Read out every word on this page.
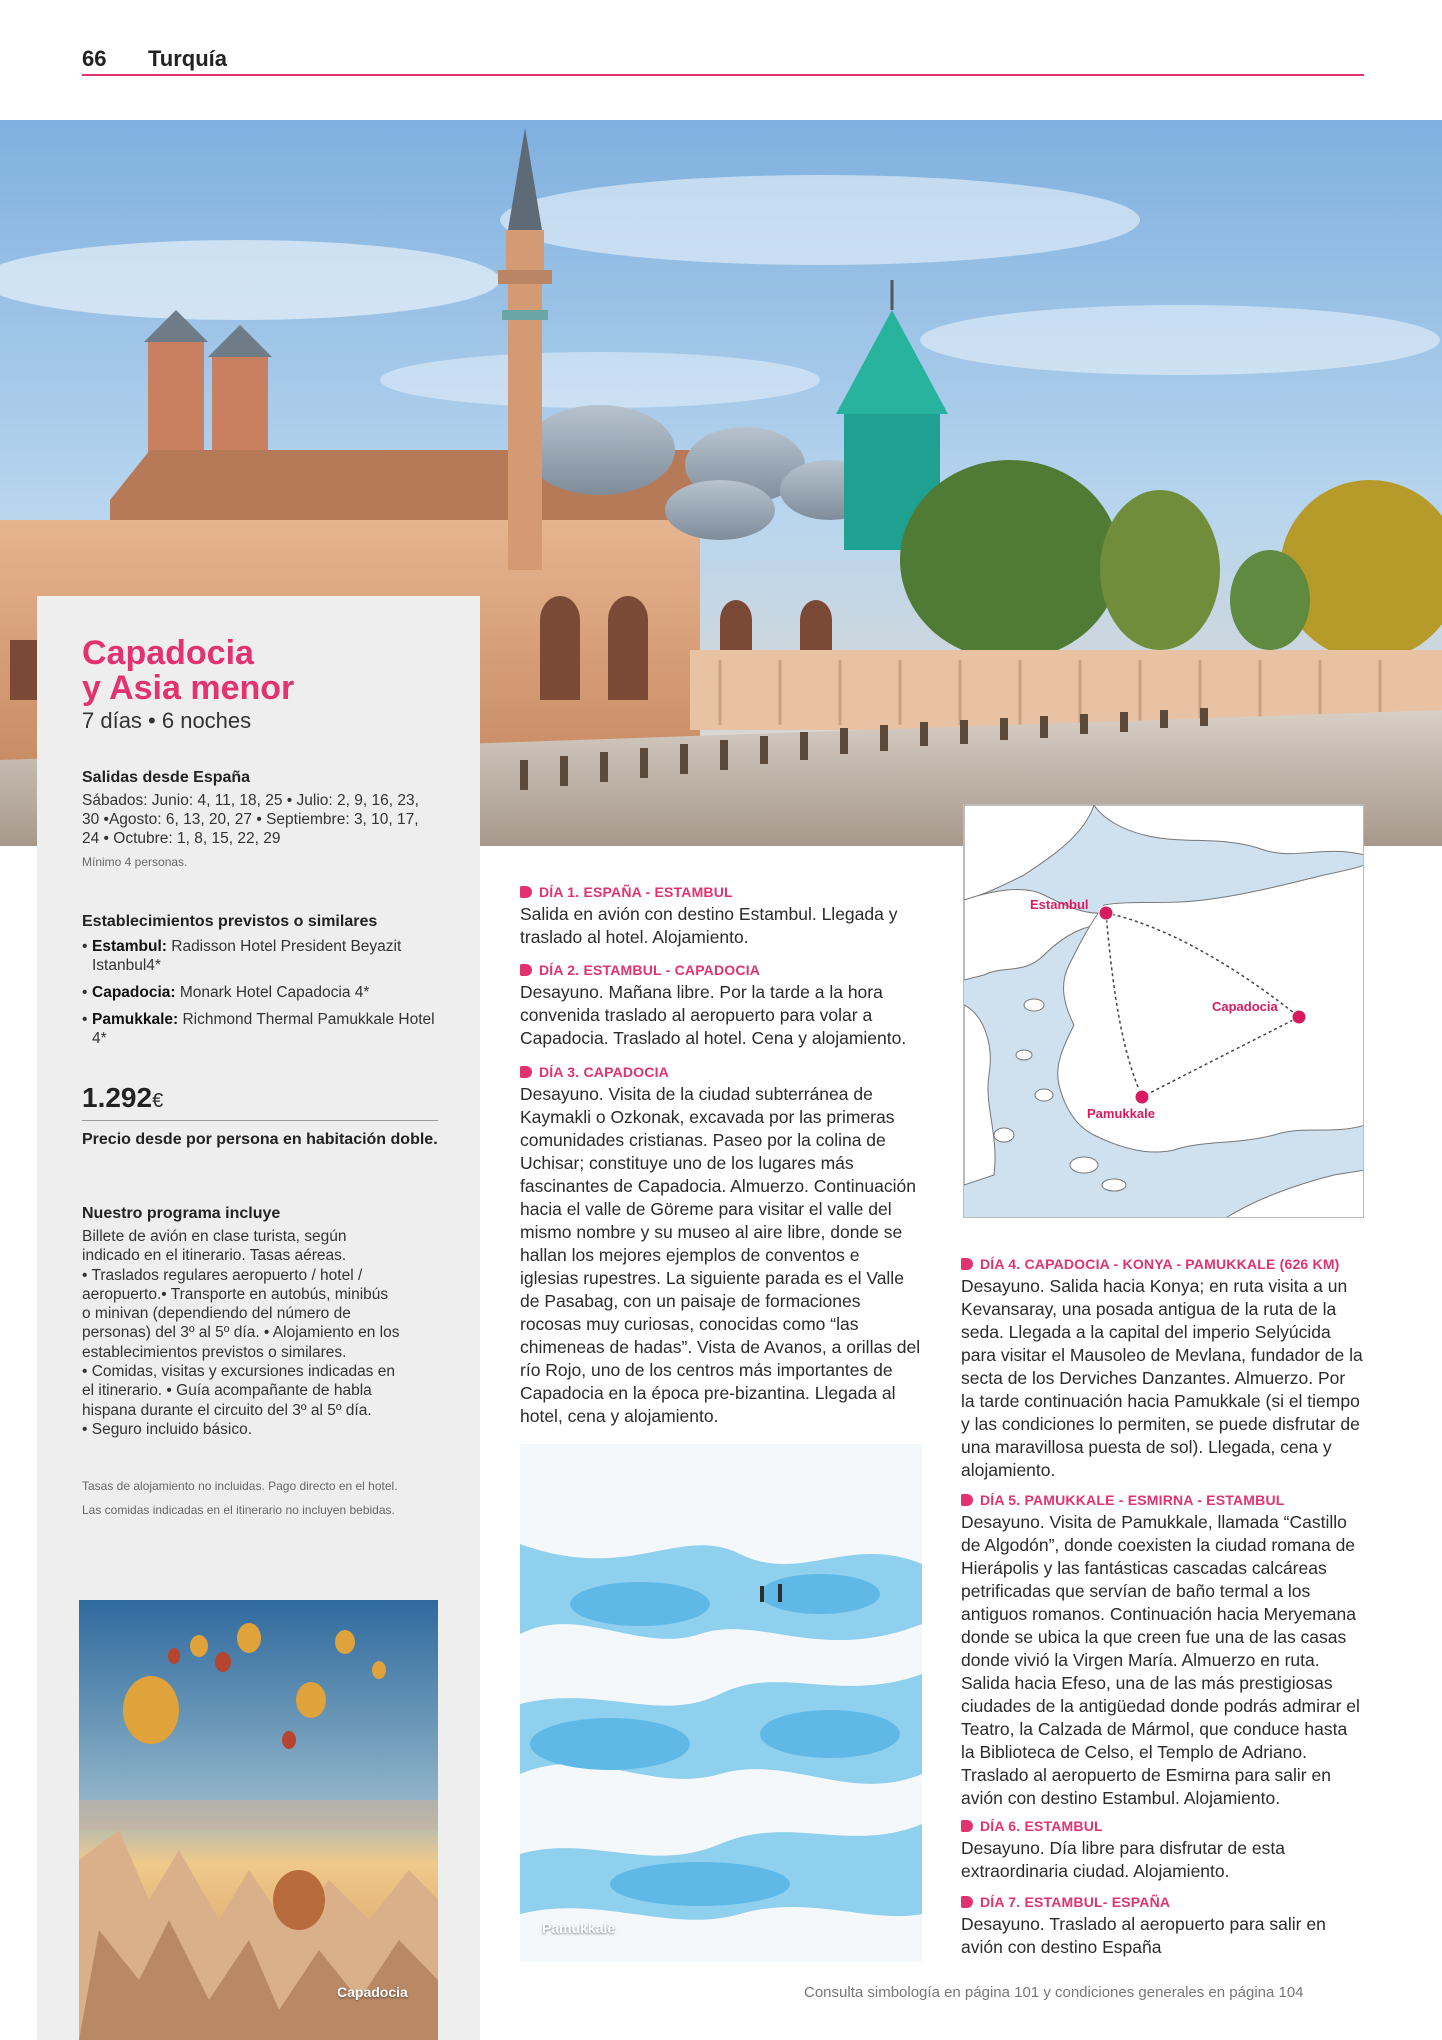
66 Turquía
Capadocia
y Asia menor
7 días • 6 noches
Salidas desde España
Sábados: Junio: 4, 11, 18, 25 • Julio: 2, 9, 16, 23,
30 •Agosto: 6, 13, 20, 27 • Septiembre: 3, 10, 17,
24 • Octubre: 1, 8, 15, 22, 29
Mínimo 4 personas.
Establecimientos previstos o similares
• Estambul: Radisson Hotel President Beyazit Istanbul4*
• Capadocia: Monark Hotel Capadocia 4*
• Pamukkale: Richmond Thermal Pamukkale Hotel 4*
1.292€
Precio desde por persona en habitación doble.
Nuestro programa incluye
Billete de avión en clase turista, según
indicado en el itinerario. Tasas aéreas.
• Traslados regulares aeropuerto / hotel /
aeropuerto.• Transporte en autobús, minibús
o minivan (dependiendo del número de
personas) del 3º al 5º día. • Alojamiento en los
establecimientos previstos o similares.
• Comidas, visitas y excursiones indicadas en
el itinerario. • Guía acompañante de habla
hispana durante el circuito del 3º al 5º día.
• Seguro incluido básico.
Tasas de alojamiento no incluidas. Pago directo en el hotel.
Las comidas indicadas en el itinerario no incluyen bebidas.
Capadocia
Pamukkale
DÍA 1. ESPAÑA - ESTAMBUL
Salida en avión con destino Estambul. Llegada y traslado al hotel. Alojamiento.
DÍA 2. ESTAMBUL - CAPADOCIA
Desayuno. Mañana libre. Por la tarde a la hora convenida traslado al aeropuerto para volar a Capadocia. Traslado al hotel. Cena y alojamiento.
DÍA 3. CAPADOCIA
Desayuno. Visita de la ciudad subterránea de Kaymakli o Ozkonak, excavada por las primeras comunidades cristianas. Paseo por la colina de Uchisar; constituye uno de los lugares más fascinantes de Capadocia. Almuerzo. Continuación hacia el valle de Göreme para visitar el valle del mismo nombre y su museo al aire libre, donde se hallan los mejores ejemplos de conventos e iglesias rupestres. La siguiente parada es el Valle de Pasabag, con un paisaje de formaciones rocosas muy curiosas, conocidas como “las chimeneas de hadas”. Vista de Avanos, a orillas del río Rojo, uno de los centros más importantes de Capadocia en la época pre-bizantina. Llegada al hotel, cena y alojamiento.
Estambul
Capadocia
Pamukkale
DÍA 4. CAPADOCIA - KONYA - PAMUKKALE (626 KM)
Desayuno. Salida hacia Konya; en ruta visita a un Kevansaray, una posada antigua de la ruta de la seda. Llegada a la capital del imperio Selyúcida para visitar el Mausoleo de Mevlana, fundador de la secta de los Derviches Danzantes. Almuerzo. Por la tarde continuación hacia Pamukkale (si el tiempo y las condiciones lo permiten, se puede disfrutar de una maravillosa puesta de sol). Llegada, cena y alojamiento.
DÍA 5. PAMUKKALE - ESMIRNA - ESTAMBUL
Desayuno. Visita de Pamukkale, llamada “Castillo de Algodón”, donde coexisten la ciudad romana de Hierápolis y las fantásticas cascadas calcáreas petrificadas que servían de baño termal a los antiguos romanos. Continuación hacia Meryemana donde se ubica la que creen fue una de las casas donde vivió la Virgen María. Almuerzo en ruta. Salida hacia Efeso, una de las más prestigiosas ciudades de la antigüedad donde podrás admirar el Teatro, la Calzada de Mármol, que conduce hasta la Biblioteca de Celso, el Templo de Adriano. Traslado al aeropuerto de Esmirna para salir en avión con destino Estambul. Alojamiento.
DÍA 6. ESTAMBUL
Desayuno. Día libre para disfrutar de esta extraordinaria ciudad. Alojamiento.
DÍA 7. ESTAMBUL- ESPAÑA
Desayuno. Traslado al aeropuerto para salir en avión con destino España
Consulta simbología en página 101 y condiciones generales en página 104
